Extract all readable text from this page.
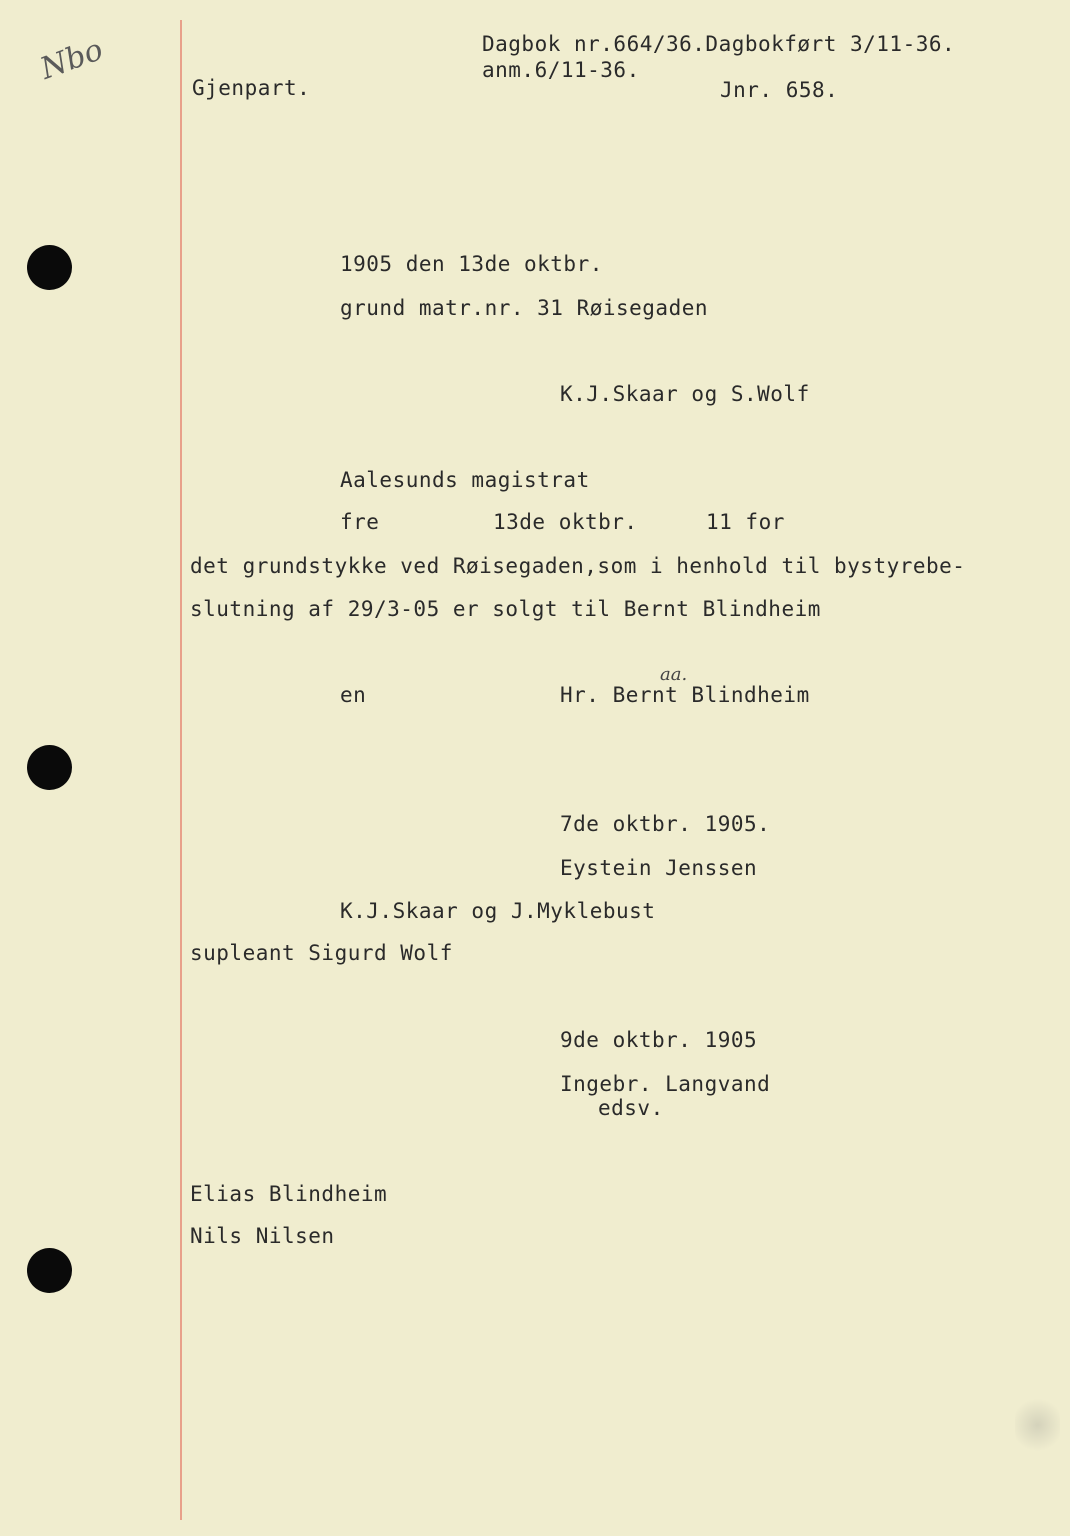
Nbo
Gjenpart.
Dagbok nr.664/36.Dagbokført 3/11-36.
anm.6/11-36.
Jnr. 658.
1905 den 13de oktbr.
grund matr.nr. 31 Røisegaden
K.J.Skaar og S.Wolf
Aalesunds magistrat
fre	13de oktbr.	11 for
det grundstykke ved Røisegaden,som i henhold til bystyrebe-
slutning af 29/3-05 er solgt til Bernt Blindheim
aa.
en	Hr. Bernt Blindheim
7de oktbr. 1905.
Eystein Jenssen
K.J.Skaar og J.Myklebust
supleant Sigurd Wolf
9de oktbr. 1905
Ingebr. Langvand
edsv.
Elias Blindheim
Nils Nilsen
